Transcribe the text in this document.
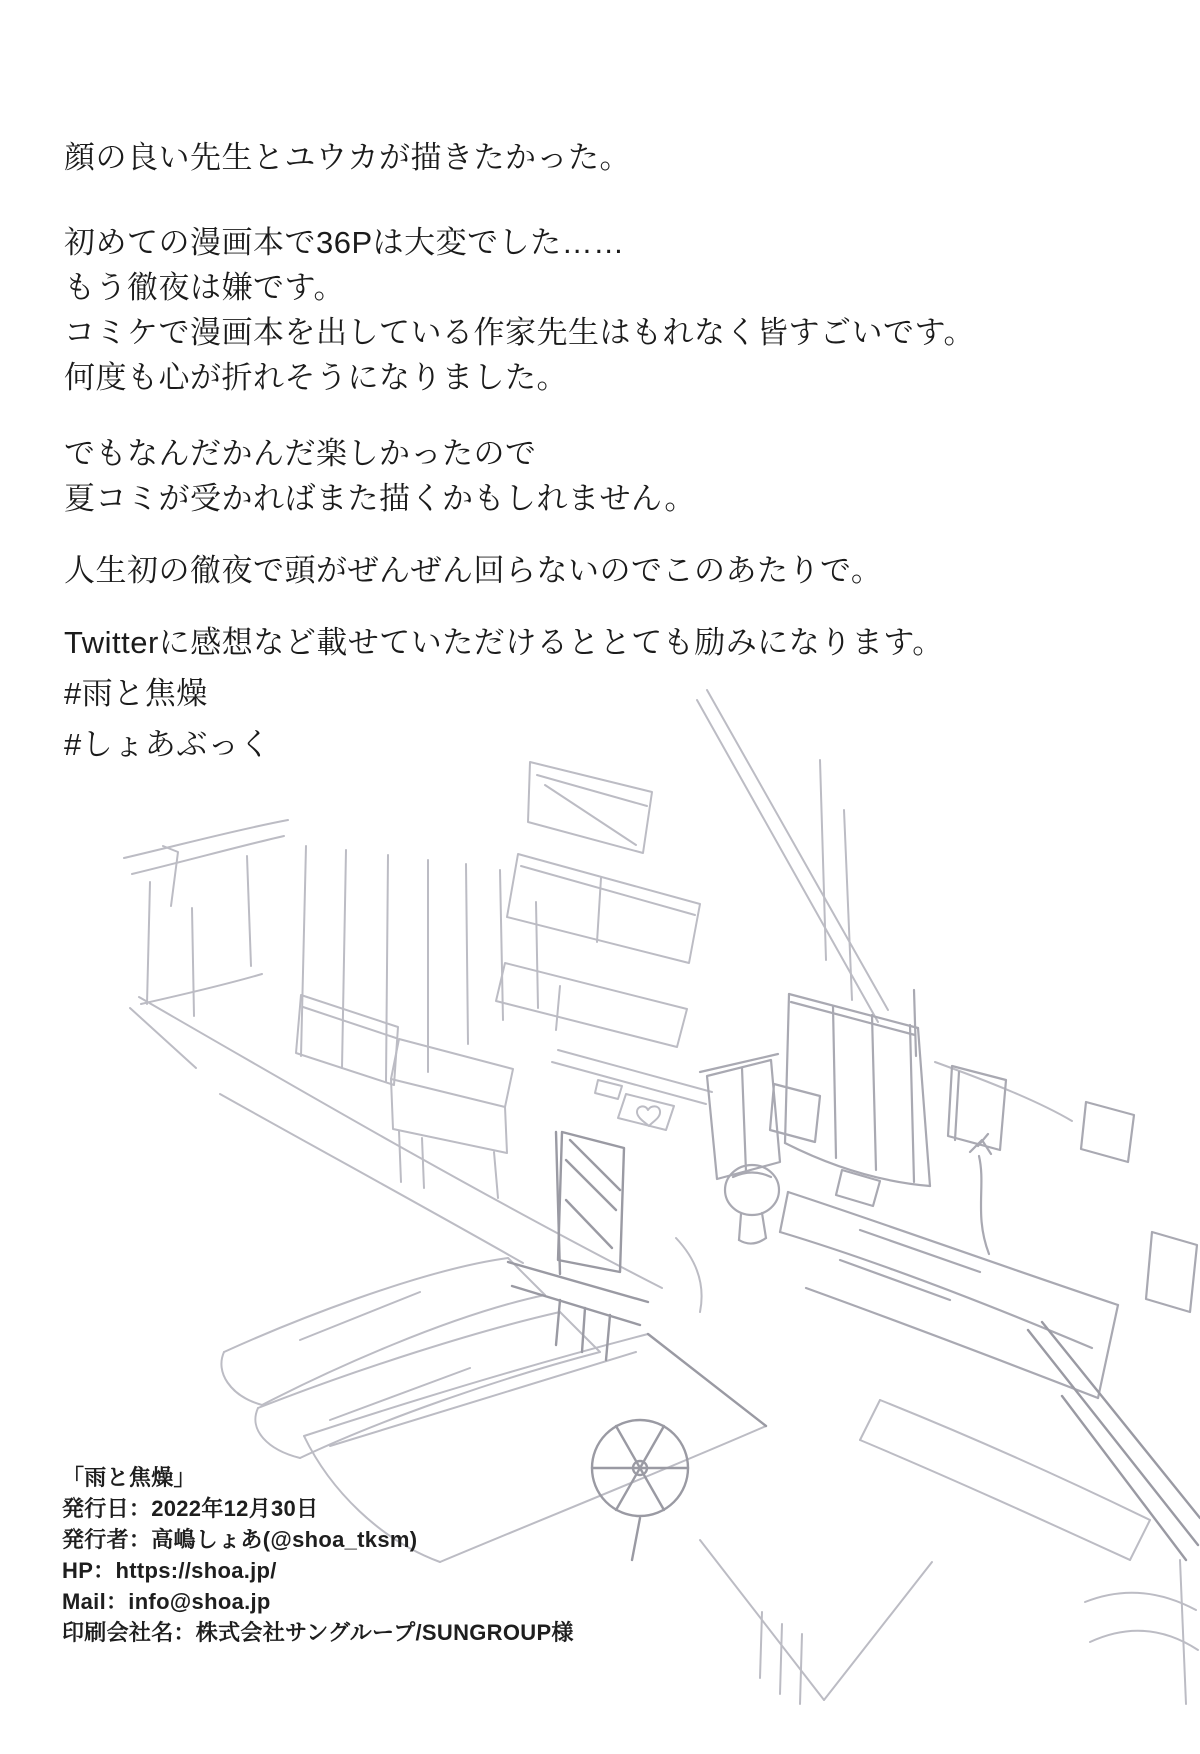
顔の良い先生とユウカが描きたかった。
初めての漫画本で36Pは大変でした……
もう徹夜は嫌です。
コミケで漫画本を出している作家先生はもれなく皆すごいです。
何度も心が折れそうになりました。
でもなんだかんだ楽しかったので
夏コミが受かればまた描くかもしれません。
人生初の徹夜で頭がぜんぜん回らないのでこのあたりで。
Twitterに感想など載せていただけるととても励みになります。
#雨と焦燥
#しょあぶっく
「雨と焦燥」
発行日：2022年12月30日
発行者：高嶋しょあ(@shoa_tksm)
HP：https://shoa.jp/
Mail：info@shoa.jp
印刷会社名：株式会社サングループ/SUNGROUP様
